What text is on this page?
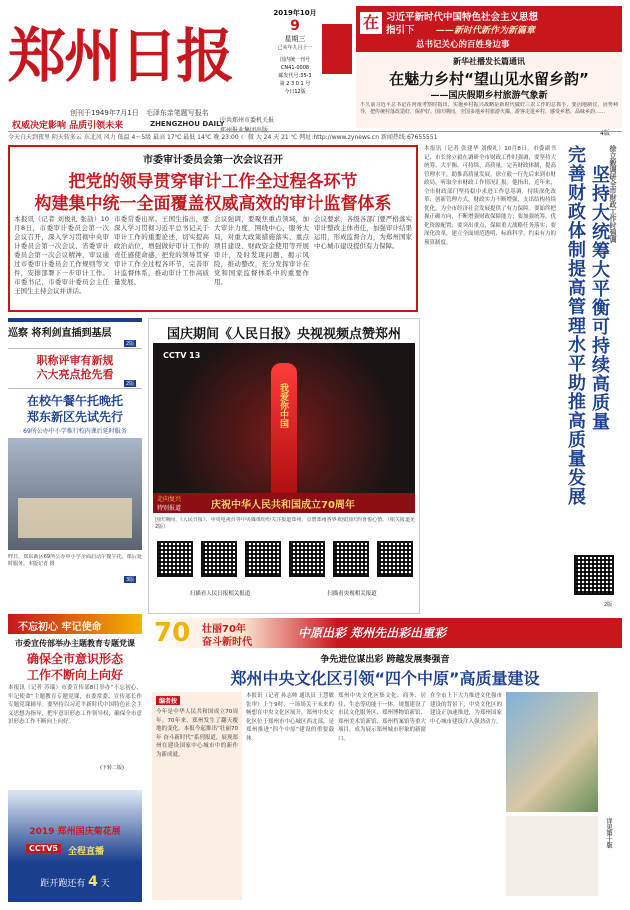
郑州日报
创刊于1949年7月1日　 毛泽东亲笔题写报名
权威决定影响 品质引领未来	ZHENGZHOU DAILY
中共郑州市委机关报
郑州报业集团出版
2019年10月
9
星期三
己亥年九月十一
国内统一刊号
CN41-0008
邮发代号:35-3
第 2 3 0 1 号
今日12版
在 习近平新时代中国特色社会主义思想
指引下 ——新时代新作为新篇章
总书记关心的百姓身边事
新华社播发长篇通讯
在魅力乡村“望山见水留乡韵”
——国庆假期乡村旅游气象新
不久前习近平总书记在河南考察时指出，实施乡村振兴战略是新时代做好三农工作的总抓手，要因地制宜，因势利导，把传统村落改造好，保护好。国庆期间，全国多地乡村旅游火爆，游客走进乡村，感受乡愁，品味乡韵……
4版
今天白天到夜里 阴天转多云 东北风 风力 低温 4～5级 最高 17℃ 最低 14℃ 晚 23:00 ☾ 微 大 24 天 21 ℃ 网址:http://www.zynews.cn 新闻热线:67655551
市委审计委员会第一次会议召开
把党的领导贯穿审计工作全过程各环节
构建集中统一全面覆盖权威高效的审计监督体系
本报讯（记者 刘俊礼 张劼）10月8日，市委审计委员会第一次会议召开，深入学习贯彻中央审计委员会第一次会议、省委审计委员会第一次会议精神，审议通过市委审计委员会工作规则等文件，安排部署下一步审计工作。市委书记、市委审计委员会主任王国生主持会议并讲话。
市委常委出席。王国生指出，要深入学习贯彻习近平总书记关于审计工作的重要论述，切实提高政治站位，增强做好审计工作的责任感使命感，把党的领导贯穿审计工作全过程各环节，完善审计监督体系，推动审计工作高质量发展。
会议强调，要聚焦重点领域，加大审计力度，围绕中心、服务大局，对重大政策措施落实、重点项目建设、财政资金使用等开展审计，及时发现问题、揭示风险，推动整改，充分发挥审计在党和国家监督体系中的重要作用。
会议要求，各级各部门要严格落实审计整改主体责任，加强审计结果运用，形成监督合力，为郑州国家中心城市建设提供有力保障。
巡察 将利剑直插到基层
2版
职称评审有新规
六大亮点抢先看
2版
在校午餐午托晚托
郑东新区先试先行
69所公办中小学推行校内课后延时服务
昨日，郑东新区69所公办中小学全面启动午餐午托、课后延时服务。本版记者 摄
3版
国庆期间《人民日报》央视视频点赞郑州
CCTV 13
我爱你中国
走向复兴
特别报道	庆祝中华人民共和国成立70周年
国庆期间，《人民日报》、中央电视台等中央媒体纷纷关注报道郑州，点赞郑州各界欢度国庆的喜悦心情。（相关报道见2版）
扫描看人民日报相关报道	扫描看央视相关报道
徐立毅调研全市财政工作时强调
坚持大统筹大平衡可持续高质量
完善财政体制提高管理水平助推高质量发展
本报讯（记者 张建华 刘俊礼）10月8日，市委副书记、市长徐立毅在调研全市财政工作时强调，要坚持大统筹、大平衡、可持续、高质量，完善财政体制，提高管理水平，助推高质量发展。徐立毅一行先后来到市财政局，听取全市财政工作情况汇报。他指出，近年来，全市财政部门坚持稳中求进工作总基调，持续深化改革，创新管理方式，财政实力不断增强，支出结构持续优化，为全市经济社会发展提供了有力保障。要始终把握正确方向，不断增强财政保障能力；要加强统筹，优化资源配置；要突出重点，保障重大战略任务落实；要深化改革，建立全面规范透明、标准科学、约束有力的预算制度。
2版
不忘初心 牢记使命
市委宣传部举办主题教育专题党课
确保全市意识形态
工作不断向上向好
本报讯（记者 苏瑞）市委宣传部8日举办“不忘初心、牢记使命”主题教育专题党课，市委常委、宣传部长作专题党课辅导。要坚持以习近平新时代中国特色社会主义思想为指导，把牢意识形态工作领导权，确保全市意识形态工作不断向上向好。
(下转二版)
2019 郑州国庆菊花展
CCTV5	全程直播
距开跑还有 4 天
70 壮丽70年
奋斗新时代
中原出彩 郑州先出彩出重彩
争先进位谋出彩 跨越发展奏强音
郑州中央文化区引领“四个中原”高质量建设
编者按
今年是中华人民共和国成立70周年。70年来，郑州发生了翻天覆地的变化。本报今起推出“壮丽70年 奋斗新时代”系列报道，展现郑州在建设国家中心城市中的新作为新成就。
本报讯（记者 孙志帅 通讯员 王慧敏 张审）上午9时，一场场关于未来的畅想在中央文化区展开。郑州中央文化区位于郑州市中心城区西北部，是郑州推进“四个中原”建设的重要载体。
郑州中央文化区集文化、商务、居住、生态等功能于一体，规划建设了市民文化服务区、郑州博物馆新馆、郑州美术馆新馆、郑州档案馆等重大项目，成为展示郑州城市形象的新窗口。
在全市上下大力推进文化强市建设的背景下，中央文化区的建设正加速推进，为郑州国家中心城市建设注入强劲动力。
详见第十版
